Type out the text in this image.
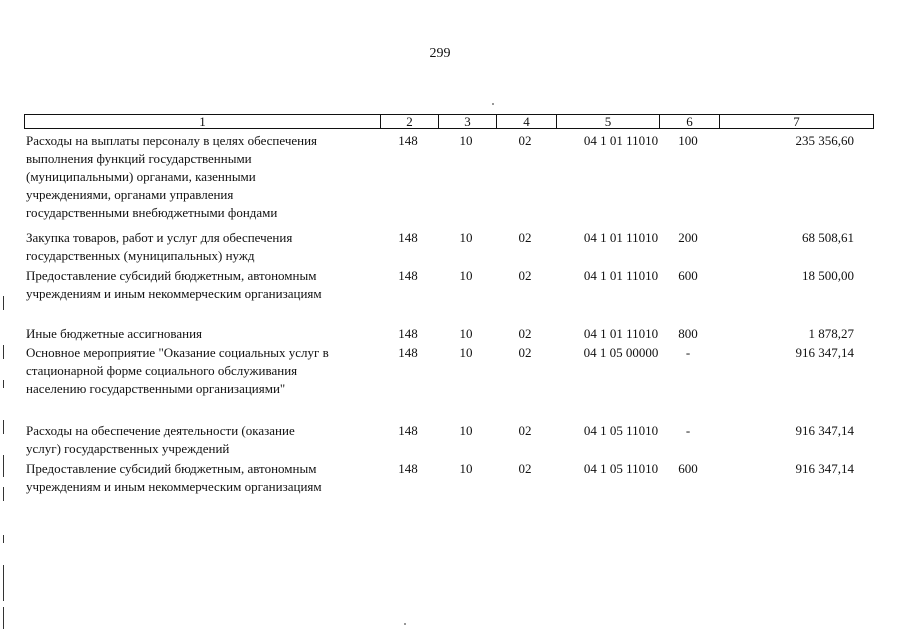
299
1	2	3	4	5	6	7
Расходы на выплаты персоналу в целях обеспечения
выполнения функций государственными
(муниципальными) органами, казенными
учреждениями, органами управления
государственными внебюджетными фондами
148	10	02	04 1 01 11010	100	235 356,60
Закупка товаров, работ и услуг для обеспечения
государственных (муниципальных) нужд
148	10	02	04 1 01 11010	200	68 508,61
Предоставление субсидий бюджетным, автономным
учреждениям и иным некоммерческим организациям
148	10	02	04 1 01 11010	600	18 500,00
Иные бюджетные ассигнования	148	10	02	04 1 01 11010	800	1 878,27
Основное мероприятие "Оказание социальных услуг в
стационарной форме социального обслуживания
населению государственными организациями"
148	10	02	04 1 05 00000	-	916 347,14
Расходы на обеспечение деятельности (оказание
услуг) государственных учреждений
148	10	02	04 1 05 11010	-	916 347,14
Предоставление субсидий бюджетным, автономным
учреждениям и иным некоммерческим организациям
148	10	02	04 1 05 11010	600	916 347,14
